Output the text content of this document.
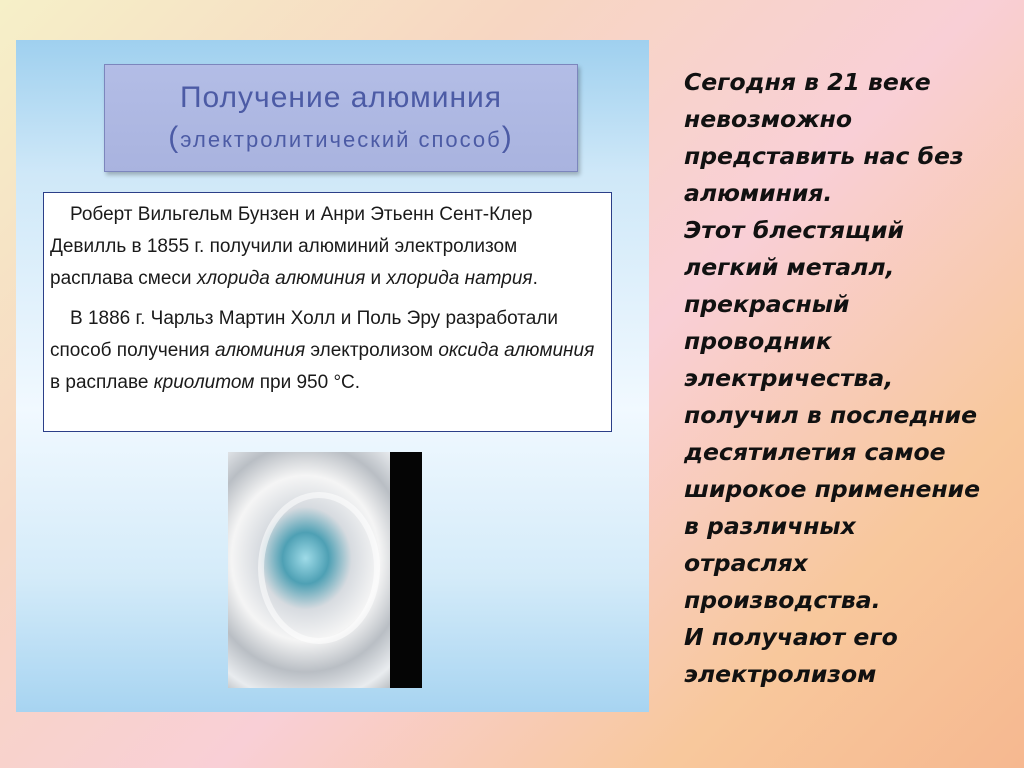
Получение алюминия
(электролитический способ)

Роберт Вильгельм Бунзен и Анри Этьенн Сент-Клер Девилль в 1855 г. получили алюминий электролизом расплава смеси хлорида алюминия и хлорида натрия.

В 1886 г. Чарльз Мартин Холл и Поль Эру разработали способ получения алюминия электролизом оксида алюминия в расплаве криолитом при 950 °С.

Сегодня в 21 веке
невозможно
представить нас без
алюминия.
Этот блестящий
легкий металл,
прекрасный
проводник
электричества,
получил в последние
десятилетия самое
широкое применение
в различных
отраслях
производства.
И получают его
электролизом
